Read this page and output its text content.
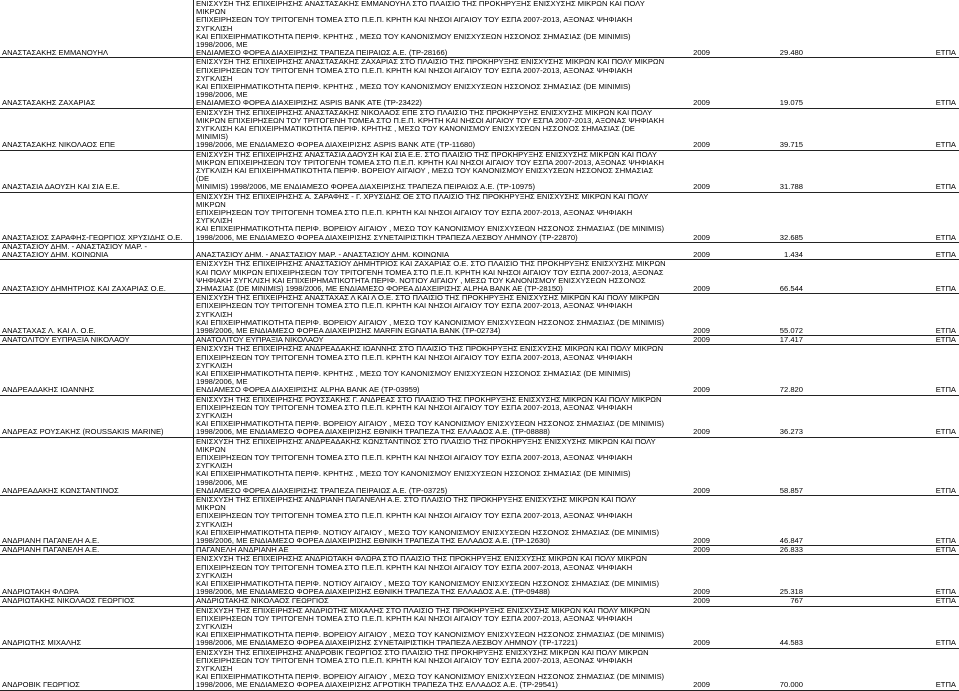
ΑΝΑΣΤΑΣΑΚΗΣ ΕΜΜΑΝΟΥΗΛ	ΕΝΙΣΧΥΣΗ ΤΗΣ ΕΠΙΧΕΙΡΗΣΗΣ ΑΝΑΣΤΑΣΑΚΗΣ ΕΜΜΑΝΟΥΗΛ ΣΤΟ ΠΛΑΙΣΙΟ ΤΗΣ ΠΡΟΚΗΡΥΞΗΣ ΕΝΙΣΧΥΣΗΣ ΜΙΚΡΩΝ ΚΑΙ ΠΟΛΥ ΜΙΚΡΩΝ
ΕΠΙΧΕΙΡΗΣΕΩΝ ΤΟΥ ΤΡΙΤΟΓΕΝΗ ΤΟΜΕΑ ΣΤΟ Π.Ε.Π. ΚΡΗΤΗ ΚΑΙ ΝΗΣΟΙ ΑΙΓΑΙΟΥ ΤΟΥ ΕΣΠΑ 2007-2013, ΑΞΟΝΑΣ ΨΗΦΙΑΚΗ ΣΥΓΚΛΙΣΗ
ΚΑΙ ΕΠΙΧΕΙΡΗΜΑΤΙΚΟΤΗΤΑ ΠΕΡΙΦ. ΚΡΗΤΗΣ , ΜΕΣΩ ΤΟΥ ΚΑΝΟΝΙΣΜΟΥ ΕΝΙΣΧΥΣΕΩΝ ΗΣΣΟΝΟΣ ΣΗΜΑΣΙΑΣ (DE MINIMIS) 1998/2006, ΜΕ
ΕΝΔΙΑΜΕΣΟ ΦΟΡΕΑ ΔΙΑΧΕΙΡΙΣΗΣ ΤΡΑΠΕΖΑ ΠΕΙΡΑΙΩΣ Α.Ε. (ΤΡ-28166)	2009	29.480	ΕΤΠΑ
ΑΝΑΣΤΑΣΑΚΗΣ ΖΑΧΑΡΙΑΣ	ΕΝΙΣΧΥΣΗ ΤΗΣ ΕΠΙΧΕΙΡΗΣΗΣ ΑΝΑΣΤΑΣΑΚΗΣ ΖΑΧΑΡΙΑΣ ΣΤΟ ΠΛΑΙΣΙΟ ΤΗΣ ΠΡΟΚΗΡΥΞΗΣ ΕΝΙΣΧΥΣΗΣ ΜΙΚΡΩΝ ΚΑΙ ΠΟΛΥ ΜΙΚΡΩΝ
ΕΠΙΧΕΙΡΗΣΕΩΝ ΤΟΥ ΤΡΙΤΟΓΕΝΗ ΤΟΜΕΑ ΣΤΟ Π.Ε.Π. ΚΡΗΤΗ ΚΑΙ ΝΗΣΟΙ ΑΙΓΑΙΟΥ ΤΟΥ ΕΣΠΑ 2007-2013, ΑΞΟΝΑΣ ΨΗΦΙΑΚΗ ΣΥΓΚΛΙΣΗ
ΚΑΙ ΕΠΙΧΕΙΡΗΜΑΤΙΚΟΤΗΤΑ ΠΕΡΙΦ. ΚΡΗΤΗΣ , ΜΕΣΩ ΤΟΥ ΚΑΝΟΝΙΣΜΟΥ ΕΝΙΣΧΥΣΕΩΝ ΗΣΣΟΝΟΣ ΣΗΜΑΣΙΑΣ (DE MINIMIS) 1998/2006, ΜΕ
ΕΝΔΙΑΜΕΣΟ ΦΟΡΕΑ ΔΙΑΧΕΙΡΙΣΗΣ ASPIS BANK ΑΤΕ (ΤΡ-23422)	2009	19.075	ΕΤΠΑ
ΑΝΑΣΤΑΣΑΚΗΣ ΝΙΚΟΛΑΟΣ ΕΠΕ	ΕΝΙΣΧΥΣΗ ΤΗΣ ΕΠΙΧΕΙΡΗΣΗΣ ΑΝΑΣΤΑΣΑΚΗΣ ΝΙΚΟΛΑΟΣ ΕΠΕ ΣΤΟ ΠΛΑΙΣΙΟ ΤΗΣ ΠΡΟΚΗΡΥΞΗΣ ΕΝΙΣΧΥΣΗΣ ΜΙΚΡΩΝ ΚΑΙ ΠΟΛΥ
ΜΙΚΡΩΝ ΕΠΙΧΕΙΡΗΣΕΩΝ ΤΟΥ ΤΡΙΤΟΓΕΝΗ ΤΟΜΕΑ ΣΤΟ Π.Ε.Π. ΚΡΗΤΗ ΚΑΙ ΝΗΣΟΙ ΑΙΓΑΙΟΥ ΤΟΥ ΕΣΠΑ 2007-2013, ΑΞΟΝΑΣ ΨΗΦΙΑΚΗ
ΣΥΓΚΛΙΣΗ ΚΑΙ ΕΠΙΧΕΙΡΗΜΑΤΙΚΟΤΗΤΑ ΠΕΡΙΦ. ΚΡΗΤΗΣ , ΜΕΣΩ ΤΟΥ ΚΑΝΟΝΙΣΜΟΥ ΕΝΙΣΧΥΣΕΩΝ ΗΣΣΟΝΟΣ ΣΗΜΑΣΙΑΣ (DE MINIMIS)
1998/2006, ΜΕ ΕΝΔΙΑΜΕΣΟ ΦΟΡΕΑ ΔΙΑΧΕΙΡΙΣΗΣ ASPIS BANK ΑΤΕ (ΤΡ-11680)	2009	39.715	ΕΤΠΑ
ΑΝΑΣΤΑΣΙΑ ΔΑΟΥΣΗ ΚΑΙ ΣΙΑ Ε.Ε.	ΕΝΙΣΧΥΣΗ ΤΗΣ ΕΠΙΧΕΙΡΗΣΗΣ ΑΝΑΣΤΑΣΙΑ ΔΑΟΥΣΗ ΚΑΙ ΣΙΑ Ε.Ε. ΣΤΟ ΠΛΑΙΣΙΟ ΤΗΣ ΠΡΟΚΗΡΥΞΗΣ ΕΝΙΣΧΥΣΗΣ ΜΙΚΡΩΝ ΚΑΙ ΠΟΛΥ
ΜΙΚΡΩΝ ΕΠΙΧΕΙΡΗΣΕΩΝ ΤΟΥ ΤΡΙΤΟΓΕΝΗ ΤΟΜΕΑ ΣΤΟ Π.Ε.Π. ΚΡΗΤΗ ΚΑΙ ΝΗΣΟΙ ΑΙΓΑΙΟΥ ΤΟΥ ΕΣΠΑ 2007-2013, ΑΞΟΝΑΣ ΨΗΦΙΑΚΗ
ΣΥΓΚΛΙΣΗ ΚΑΙ ΕΠΙΧΕΙΡΗΜΑΤΙΚΟΤΗΤΑ ΠΕΡΙΦ. ΒΟΡΕΙΟΥ ΑΙΓΑΙΟΥ , ΜΕΣΩ ΤΟΥ ΚΑΝΟΝΙΣΜΟΥ ΕΝΙΣΧΥΣΕΩΝ ΗΣΣΟΝΟΣ ΣΗΜΑΣΙΑΣ (DE
MINIMIS) 1998/2006, ΜΕ ΕΝΔΙΑΜΕΣΟ ΦΟΡΕΑ ΔΙΑΧΕΙΡΙΣΗΣ ΤΡΑΠΕΖΑ ΠΕΙΡΑΙΩΣ Α.Ε. (ΤΡ-10975)	2009	31.788	ΕΤΠΑ
ΑΝΑΣΤΑΣΙΟΣ ΣΑΡΑΦΗΣ-ΓΕΩΡΓΙΟΣ ΧΡΥΣΙΔΗΣ Ο.Ε.	ΕΝΙΣΧΥΣΗ ΤΗΣ ΕΠΙΧΕΙΡΗΣΗΣ Α. ΣΑΡΑΦΗΣ - Γ. ΧΡΥΣΙΔΗΣ ΟΕ ΣΤΟ ΠΛΑΙΣΙΟ ΤΗΣ ΠΡΟΚΗΡΥΞΗΣ ΕΝΙΣΧΥΣΗΣ ΜΙΚΡΩΝ ΚΑΙ ΠΟΛΥ ΜΙΚΡΩΝ
ΕΠΙΧΕΙΡΗΣΕΩΝ ΤΟΥ ΤΡΙΤΟΓΕΝΗ ΤΟΜΕΑ ΣΤΟ Π.Ε.Π. ΚΡΗΤΗ ΚΑΙ ΝΗΣΟΙ ΑΙΓΑΙΟΥ ΤΟΥ ΕΣΠΑ 2007-2013, ΑΞΟΝΑΣ ΨΗΦΙΑΚΗ ΣΥΓΚΛΙΣΗ
ΚΑΙ ΕΠΙΧΕΙΡΗΜΑΤΙΚΟΤΗΤΑ ΠΕΡΙΦ. ΒΟΡΕΙΟΥ ΑΙΓΑΙΟΥ , ΜΕΣΩ ΤΟΥ ΚΑΝΟΝΙΣΜΟΥ ΕΝΙΣΧΥΣΕΩΝ ΗΣΣΟΝΟΣ ΣΗΜΑΣΙΑΣ (DE MINIMIS)
1998/2006, ΜΕ ΕΝΔΙΑΜΕΣΟ ΦΟΡΕΑ ΔΙΑΧΕΙΡΙΣΗΣ ΣΥΝΕΤΑΙΡΙΣΤΙΚΗ ΤΡΑΠΕΖΑ ΛΕΣΒΟΥ ΛΗΜΝΟΥ (ΤΡ-22870)	2009	32.685	ΕΤΠΑ
ΑΝΑΣΤΑΣΙΟΥ ΔΗΜ. - ΑΝΑΣΤΑΣΙΟΥ ΜΑΡ. - ΑΝΑΣΤΑΣΙΟΥ ΔΗΜ. ΚΟΙΝΩΝΙΑ	ΑΝΑΣΤΑΣΙΟΥ ΔΗΜ. - ΑΝΑΣΤΑΣΙΟΥ ΜΑΡ. - ΑΝΑΣΤΑΣΙΟΥ ΔΗΜ. ΚΟΙΝΩΝΙΑ	2009	1.434	ΕΤΠΑ
ΑΝΑΣΤΑΣΙΟΥ ΔΗΜΗΤΡΙΟΣ ΚΑΙ ΖΑΧΑΡΙΑΣ Ο.Ε.	ΕΝΙΣΧΥΣΗ ΤΗΣ ΕΠΙΧΕΙΡΗΣΗΣ ΑΝΑΣΤΑΣΙΟΥ ΔΗΜΗΤΡΙΟΣ ΚΑΙ ΖΑΧΑΡΙΑΣ Ο.Ε. ΣΤΟ ΠΛΑΙΣΙΟ ΤΗΣ ΠΡΟΚΗΡΥΞΗΣ ΕΝΙΣΧΥΣΗΣ ΜΙΚΡΩΝ
ΚΑΙ ΠΟΛΥ ΜΙΚΡΩΝ ΕΠΙΧΕΙΡΗΣΕΩΝ ΤΟΥ ΤΡΙΤΟΓΕΝΗ ΤΟΜΕΑ ΣΤΟ Π.Ε.Π. ΚΡΗΤΗ ΚΑΙ ΝΗΣΟΙ ΑΙΓΑΙΟΥ ΤΟΥ ΕΣΠΑ 2007-2013, ΑΞΟΝΑΣ
ΨΗΦΙΑΚΗ ΣΥΓΚΛΙΣΗ ΚΑΙ ΕΠΙΧΕΙΡΗΜΑΤΙΚΟΤΗΤΑ ΠΕΡΙΦ. ΝΟΤΙΟΥ ΑΙΓΑΙΟΥ , ΜΕΣΩ ΤΟΥ ΚΑΝΟΝΙΣΜΟΥ ΕΝΙΣΧΥΣΕΩΝ ΗΣΣΟΝΟΣ
ΣΗΜΑΣΙΑΣ (DE MINIMIS) 1998/2006, ΜΕ ΕΝΔΙΑΜΕΣΟ ΦΟΡΕΑ ΔΙΑΧΕΙΡΙΣΗΣ ALPHA BANK AE (ΤΡ-28150)	2009	66.544	ΕΤΠΑ
ΑΝΑΣΤΑΧΑΣ Λ. ΚΑΙ Λ. Ο.Ε.	ΕΝΙΣΧΥΣΗ ΤΗΣ ΕΠΙΧΕΙΡΗΣΗΣ ΑΝΑΣΤΑΧΑΣ Λ ΚΑΙ Λ Ο.Ε. ΣΤΟ ΠΛΑΙΣΙΟ ΤΗΣ ΠΡΟΚΗΡΥΞΗΣ ΕΝΙΣΧΥΣΗΣ ΜΙΚΡΩΝ ΚΑΙ ΠΟΛΥ ΜΙΚΡΩΝ
ΕΠΙΧΕΙΡΗΣΕΩΝ ΤΟΥ ΤΡΙΤΟΓΕΝΗ ΤΟΜΕΑ ΣΤΟ Π.Ε.Π. ΚΡΗΤΗ ΚΑΙ ΝΗΣΟΙ ΑΙΓΑΙΟΥ ΤΟΥ ΕΣΠΑ 2007-2013, ΑΞΟΝΑΣ ΨΗΦΙΑΚΗ ΣΥΓΚΛΙΣΗ
ΚΑΙ ΕΠΙΧΕΙΡΗΜΑΤΙΚΟΤΗΤΑ ΠΕΡΙΦ. ΒΟΡΕΙΟΥ ΑΙΓΑΙΟΥ , ΜΕΣΩ ΤΟΥ ΚΑΝΟΝΙΣΜΟΥ ΕΝΙΣΧΥΣΕΩΝ ΗΣΣΟΝΟΣ ΣΗΜΑΣΙΑΣ (DE MINIMIS)
1998/2006, ΜΕ ΕΝΔΙΑΜΕΣΟ ΦΟΡΕΑ ΔΙΑΧΕΙΡΙΣΗΣ MARFIN EGNATIA BANK (ΤΡ-02734)	2009	55.072	ΕΤΠΑ
ΑΝΑΤΟΛΙΤΟΥ ΕΥΠΡΑΞΙΑ ΝΙΚΟΛΑΟΥ	ΑΝΑΤΟΛΙΤΟΥ ΕΥΠΡΑΞΙΑ ΝΙΚΟΛΑΟΥ	2009	17.417	ΕΤΠΑ
ΑΝΔΡΕΑΔΑΚΗΣ ΙΩΑΝΝΗΣ	ΕΝΙΣΧΥΣΗ ΤΗΣ ΕΠΙΧΕΙΡΗΣΗΣ ΑΝΔΡΕΑΔΑΚΗΣ ΙΩΑΝΝΗΣ ΣΤΟ ΠΛΑΙΣΙΟ ΤΗΣ ΠΡΟΚΗΡΥΞΗΣ ΕΝΙΣΧΥΣΗΣ ΜΙΚΡΩΝ ΚΑΙ ΠΟΛΥ ΜΙΚΡΩΝ
ΕΠΙΧΕΙΡΗΣΕΩΝ ΤΟΥ ΤΡΙΤΟΓΕΝΗ ΤΟΜΕΑ ΣΤΟ Π.Ε.Π. ΚΡΗΤΗ ΚΑΙ ΝΗΣΟΙ ΑΙΓΑΙΟΥ ΤΟΥ ΕΣΠΑ 2007-2013, ΑΞΟΝΑΣ ΨΗΦΙΑΚΗ ΣΥΓΚΛΙΣΗ
ΚΑΙ ΕΠΙΧΕΙΡΗΜΑΤΙΚΟΤΗΤΑ ΠΕΡΙΦ. ΚΡΗΤΗΣ , ΜΕΣΩ ΤΟΥ ΚΑΝΟΝΙΣΜΟΥ ΕΝΙΣΧΥΣΕΩΝ ΗΣΣΟΝΟΣ ΣΗΜΑΣΙΑΣ (DE MINIMIS) 1998/2006, ΜΕ
ΕΝΔΙΑΜΕΣΟ ΦΟΡΕΑ ΔΙΑΧΕΙΡΙΣΗΣ ALPHA BANK AE (ΤΡ-03959)	2009	72.820	ΕΤΠΑ
ΑΝΔΡΕΑΣ ΡΟΥΣΑΚΗΣ (ROUSSAKIS MARINE)	ΕΝΙΣΧΥΣΗ ΤΗΣ ΕΠΙΧΕΙΡΗΣΗΣ ΡΟΥΣΣΑΚΗΣ Γ. ΑΝΔΡΕΑΣ ΣΤΟ ΠΛΑΙΣΙΟ ΤΗΣ ΠΡΟΚΗΡΥΞΗΣ ΕΝΙΣΧΥΣΗΣ ΜΙΚΡΩΝ ΚΑΙ ΠΟΛΥ ΜΙΚΡΩΝ
ΕΠΙΧΕΙΡΗΣΕΩΝ ΤΟΥ ΤΡΙΤΟΓΕΝΗ ΤΟΜΕΑ ΣΤΟ Π.Ε.Π. ΚΡΗΤΗ ΚΑΙ ΝΗΣΟΙ ΑΙΓΑΙΟΥ ΤΟΥ ΕΣΠΑ 2007-2013, ΑΞΟΝΑΣ ΨΗΦΙΑΚΗ ΣΥΓΚΛΙΣΗ
ΚΑΙ ΕΠΙΧΕΙΡΗΜΑΤΙΚΟΤΗΤΑ ΠΕΡΙΦ. ΒΟΡΕΙΟΥ ΑΙΓΑΙΟΥ , ΜΕΣΩ ΤΟΥ ΚΑΝΟΝΙΣΜΟΥ ΕΝΙΣΧΥΣΕΩΝ ΗΣΣΟΝΟΣ ΣΗΜΑΣΙΑΣ (DE MINIMIS)
1998/2006, ΜΕ ΕΝΔΙΑΜΕΣΟ ΦΟΡΕΑ ΔΙΑΧΕΙΡΙΣΗΣ ΕΘΝΙΚΗ ΤΡΑΠΕΖΑ ΤΗΣ ΕΛΛΑΔΟΣ Α.Ε. (ΤΡ-08888)	2009	36.273	ΕΤΠΑ
ΑΝΔΡΕΑΔΑΚΗΣ ΚΩΝΣΤΑΝΤΙΝΟΣ	ΕΝΙΣΧΥΣΗ ΤΗΣ ΕΠΙΧΕΙΡΗΣΗΣ ΑΝΔΡΕΑΔΑΚΗΣ ΚΩΝΣΤΑΝΤΙΝΟΣ ΣΤΟ ΠΛΑΙΣΙΟ ΤΗΣ ΠΡΟΚΗΡΥΞΗΣ ΕΝΙΣΧΥΣΗΣ ΜΙΚΡΩΝ ΚΑΙ ΠΟΛΥ ΜΙΚΡΩΝ
ΕΠΙΧΕΙΡΗΣΕΩΝ ΤΟΥ ΤΡΙΤΟΓΕΝΗ ΤΟΜΕΑ ΣΤΟ Π.Ε.Π. ΚΡΗΤΗ ΚΑΙ ΝΗΣΟΙ ΑΙΓΑΙΟΥ ΤΟΥ ΕΣΠΑ 2007-2013, ΑΞΟΝΑΣ ΨΗΦΙΑΚΗ ΣΥΓΚΛΙΣΗ
ΚΑΙ ΕΠΙΧΕΙΡΗΜΑΤΙΚΟΤΗΤΑ ΠΕΡΙΦ. ΚΡΗΤΗΣ , ΜΕΣΩ ΤΟΥ ΚΑΝΟΝΙΣΜΟΥ ΕΝΙΣΧΥΣΕΩΝ ΗΣΣΟΝΟΣ ΣΗΜΑΣΙΑΣ (DE MINIMIS) 1998/2006, ΜΕ
ΕΝΔΙΑΜΕΣΟ ΦΟΡΕΑ ΔΙΑΧΕΙΡΙΣΗΣ ΤΡΑΠΕΖΑ ΠΕΙΡΑΙΩΣ Α.Ε. (ΤΡ-03725)	2009	58.857	ΕΤΠΑ
ΑΝΔΡΙΑΝΗ ΠΑΓΑΝΕΛΗ Α.Ε.	ΕΝΙΣΧΥΣΗ ΤΗΣ ΕΠΙΧΕΙΡΗΣΗΣ ΑΝΔΡΙΑΝΗ ΠΑΓΑΝΕΛΗ Α.Ε. ΣΤΟ ΠΛΑΙΣΙΟ ΤΗΣ ΠΡΟΚΗΡΥΞΗΣ ΕΝΙΣΧΥΣΗΣ ΜΙΚΡΩΝ ΚΑΙ ΠΟΛΥ ΜΙΚΡΩΝ
ΕΠΙΧΕΙΡΗΣΕΩΝ ΤΟΥ ΤΡΙΤΟΓΕΝΗ ΤΟΜΕΑ ΣΤΟ Π.Ε.Π. ΚΡΗΤΗ ΚΑΙ ΝΗΣΟΙ ΑΙΓΑΙΟΥ ΤΟΥ ΕΣΠΑ 2007-2013, ΑΞΟΝΑΣ ΨΗΦΙΑΚΗ ΣΥΓΚΛΙΣΗ
ΚΑΙ ΕΠΙΧΕΙΡΗΜΑΤΙΚΟΤΗΤΑ ΠΕΡΙΦ. ΝΟΤΙΟΥ ΑΙΓΑΙΟΥ , ΜΕΣΩ ΤΟΥ ΚΑΝΟΝΙΣΜΟΥ ΕΝΙΣΧΥΣΕΩΝ ΗΣΣΟΝΟΣ ΣΗΜΑΣΙΑΣ (DE MINIMIS)
1998/2006, ΜΕ ΕΝΔΙΑΜΕΣΟ ΦΟΡΕΑ ΔΙΑΧΕΙΡΙΣΗΣ ΕΘΝΙΚΗ ΤΡΑΠΕΖΑ ΤΗΣ ΕΛΛΑΔΟΣ Α.Ε. (ΤΡ-12630)	2009	46.847	ΕΤΠΑ
ΑΝΔΡΙΑΝΗ ΠΑΓΑΝΕΛΗ Α.Ε.	ΠΑΓΑΝΕΛΗ ΑΝΔΡΙΑΝΗ ΑΕ	2009	26.833	ΕΤΠΑ
ΑΝΔΡΙΩΤΑΚΗ ΦΛΩΡΑ	ΕΝΙΣΧΥΣΗ ΤΗΣ ΕΠΙΧΕΙΡΗΣΗΣ ΑΝΔΡΙΩΤΑΚΗ ΦΛΩΡΑ ΣΤΟ ΠΛΑΙΣΙΟ ΤΗΣ ΠΡΟΚΗΡΥΞΗΣ ΕΝΙΣΧΥΣΗΣ ΜΙΚΡΩΝ ΚΑΙ ΠΟΛΥ ΜΙΚΡΩΝ
ΕΠΙΧΕΙΡΗΣΕΩΝ ΤΟΥ ΤΡΙΤΟΓΕΝΗ ΤΟΜΕΑ ΣΤΟ Π.Ε.Π. ΚΡΗΤΗ ΚΑΙ ΝΗΣΟΙ ΑΙΓΑΙΟΥ ΤΟΥ ΕΣΠΑ 2007-2013, ΑΞΟΝΑΣ ΨΗΦΙΑΚΗ ΣΥΓΚΛΙΣΗ
ΚΑΙ ΕΠΙΧΕΙΡΗΜΑΤΙΚΟΤΗΤΑ ΠΕΡΙΦ. ΝΟΤΙΟΥ ΑΙΓΑΙΟΥ , ΜΕΣΩ ΤΟΥ ΚΑΝΟΝΙΣΜΟΥ ΕΝΙΣΧΥΣΕΩΝ ΗΣΣΟΝΟΣ ΣΗΜΑΣΙΑΣ (DE MINIMIS)
1998/2006, ΜΕ ΕΝΔΙΑΜΕΣΟ ΦΟΡΕΑ ΔΙΑΧΕΙΡΙΣΗΣ ΕΘΝΙΚΗ ΤΡΑΠΕΖΑ ΤΗΣ ΕΛΛΑΔΟΣ Α.Ε. (ΤΡ-09488)	2009	25.318	ΕΤΠΑ
ΑΝΔΡΙΩΤΑΚΗΣ ΝΙΚΟΛΑΟΣ ΓΕΩΡΓΙΟΣ	ΑΝΔΡΙΩΤΑΚΗΣ ΝΙΚΟΛΑΟΣ ΓΕΩΡΓΙΟΣ	2009	767	ΕΤΠΑ
ΑΝΔΡΙΩΤΗΣ ΜΙΧΑΛΗΣ	ΕΝΙΣΧΥΣΗ ΤΗΣ ΕΠΙΧΕΙΡΗΣΗΣ ΑΝΔΡΙΩΤΗΣ ΜΙΧΑΛΗΣ ΣΤΟ ΠΛΑΙΣΙΟ ΤΗΣ ΠΡΟΚΗΡΥΞΗΣ ΕΝΙΣΧΥΣΗΣ ΜΙΚΡΩΝ ΚΑΙ ΠΟΛΥ ΜΙΚΡΩΝ
ΕΠΙΧΕΙΡΗΣΕΩΝ ΤΟΥ ΤΡΙΤΟΓΕΝΗ ΤΟΜΕΑ ΣΤΟ Π.Ε.Π. ΚΡΗΤΗ ΚΑΙ ΝΗΣΟΙ ΑΙΓΑΙΟΥ ΤΟΥ ΕΣΠΑ 2007-2013, ΑΞΟΝΑΣ ΨΗΦΙΑΚΗ ΣΥΓΚΛΙΣΗ
ΚΑΙ ΕΠΙΧΕΙΡΗΜΑΤΙΚΟΤΗΤΑ ΠΕΡΙΦ. ΒΟΡΕΙΟΥ ΑΙΓΑΙΟΥ , ΜΕΣΩ ΤΟΥ ΚΑΝΟΝΙΣΜΟΥ ΕΝΙΣΧΥΣΕΩΝ ΗΣΣΟΝΟΣ ΣΗΜΑΣΙΑΣ (DE MINIMIS)
1998/2006, ΜΕ ΕΝΔΙΑΜΕΣΟ ΦΟΡΕΑ ΔΙΑΧΕΙΡΙΣΗΣ ΣΥΝΕΤΑΙΡΙΣΤΙΚΗ ΤΡΑΠΕΖΑ ΛΕΣΒΟΥ ΛΗΜΝΟΥ (ΤΡ-17221)	2009	44.583	ΕΤΠΑ
ΑΝΔΡΟΒΙΚ ΓΕΩΡΓΙΟΣ	ΕΝΙΣΧΥΣΗ ΤΗΣ ΕΠΙΧΕΙΡΗΣΗΣ ΑΝΔΡΟΒΙΚ ΓΕΩΡΓΙΟΣ ΣΤΟ ΠΛΑΙΣΙΟ ΤΗΣ ΠΡΟΚΗΡΥΞΗΣ ΕΝΙΣΧΥΣΗΣ ΜΙΚΡΩΝ ΚΑΙ ΠΟΛΥ ΜΙΚΡΩΝ
ΕΠΙΧΕΙΡΗΣΕΩΝ ΤΟΥ ΤΡΙΤΟΓΕΝΗ ΤΟΜΕΑ ΣΤΟ Π.Ε.Π. ΚΡΗΤΗ ΚΑΙ ΝΗΣΟΙ ΑΙΓΑΙΟΥ ΤΟΥ ΕΣΠΑ 2007-2013, ΑΞΟΝΑΣ ΨΗΦΙΑΚΗ ΣΥΓΚΛΙΣΗ
ΚΑΙ ΕΠΙΧΕΙΡΗΜΑΤΙΚΟΤΗΤΑ ΠΕΡΙΦ. ΒΟΡΕΙΟΥ ΑΙΓΑΙΟΥ , ΜΕΣΩ ΤΟΥ ΚΑΝΟΝΙΣΜΟΥ ΕΝΙΣΧΥΣΕΩΝ ΗΣΣΟΝΟΣ ΣΗΜΑΣΙΑΣ (DE MINIMIS)
1998/2006, ΜΕ ΕΝΔΙΑΜΕΣΟ ΦΟΡΕΑ ΔΙΑΧΕΙΡΙΣΗΣ ΑΓΡΟΤΙΚΗ ΤΡΑΠΕΖΑ ΤΗΣ ΕΛΛΑΔΟΣ Α.Ε. (ΤΡ-29541)	2009	70.000	ΕΤΠΑ
